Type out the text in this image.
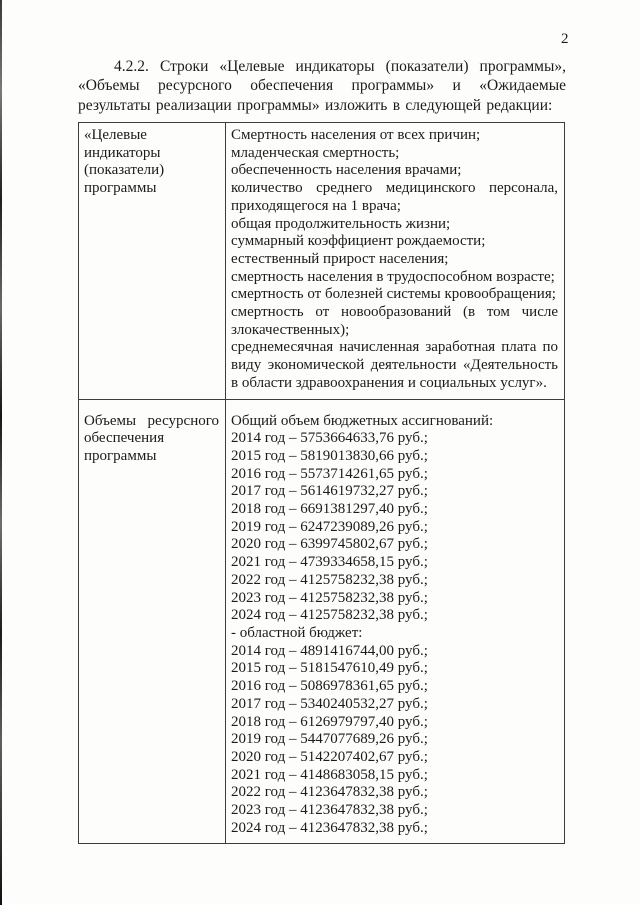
2

4.2.2. Строки «Целевые индикаторы (показатели) программы», «Объемы ресурсного обеспечения программы» и «Ожидаемые результаты реализации программы» изложить в следующей редакции:

«Целевые индикаторы (показатели) программы
Смертность населения от всех причин;
младенческая смертность;
обеспеченность населения врачами;
количество среднего медицинского персонала, приходящегося на 1 врача;
общая продолжительность жизни;
суммарный коэффициент рождаемости;
естественный прирост населения;
смертность населения в трудоспособном возрасте;
смертность от болезней системы кровообращения;
смертность от новообразований (в том числе злокачественных);
среднемесячная начисленная заработная плата по виду экономической деятельности «Деятельность в области здравоохранения и социальных услуг».
Объемы ресурсного обеспечения программы
Общий объем бюджетных ассигнований:
2014 год – 5753664633,76 руб.;
2015 год – 5819013830,66 руб.;
2016 год – 5573714261,65 руб.;
2017 год – 5614619732,27 руб.;
2018 год – 6691381297,40 руб.;
2019 год – 6247239089,26 руб.;
2020 год – 6399745802,67 руб.;
2021 год – 4739334658,15 руб.;
2022 год – 4125758232,38 руб.;
2023 год – 4125758232,38 руб.;
2024 год – 4125758232,38 руб.;
- областной бюджет:
2014 год – 4891416744,00 руб.;
2015 год – 5181547610,49 руб.;
2016 год – 5086978361,65 руб.;
2017 год – 5340240532,27 руб.;
2018 год – 6126979797,40 руб.;
2019 год – 5447077689,26 руб.;
2020 год – 5142207402,67 руб.;
2021 год – 4148683058,15 руб.;
2022 год – 4123647832,38 руб.;
2023 год – 4123647832,38 руб.;
2024 год – 4123647832,38 руб.;
